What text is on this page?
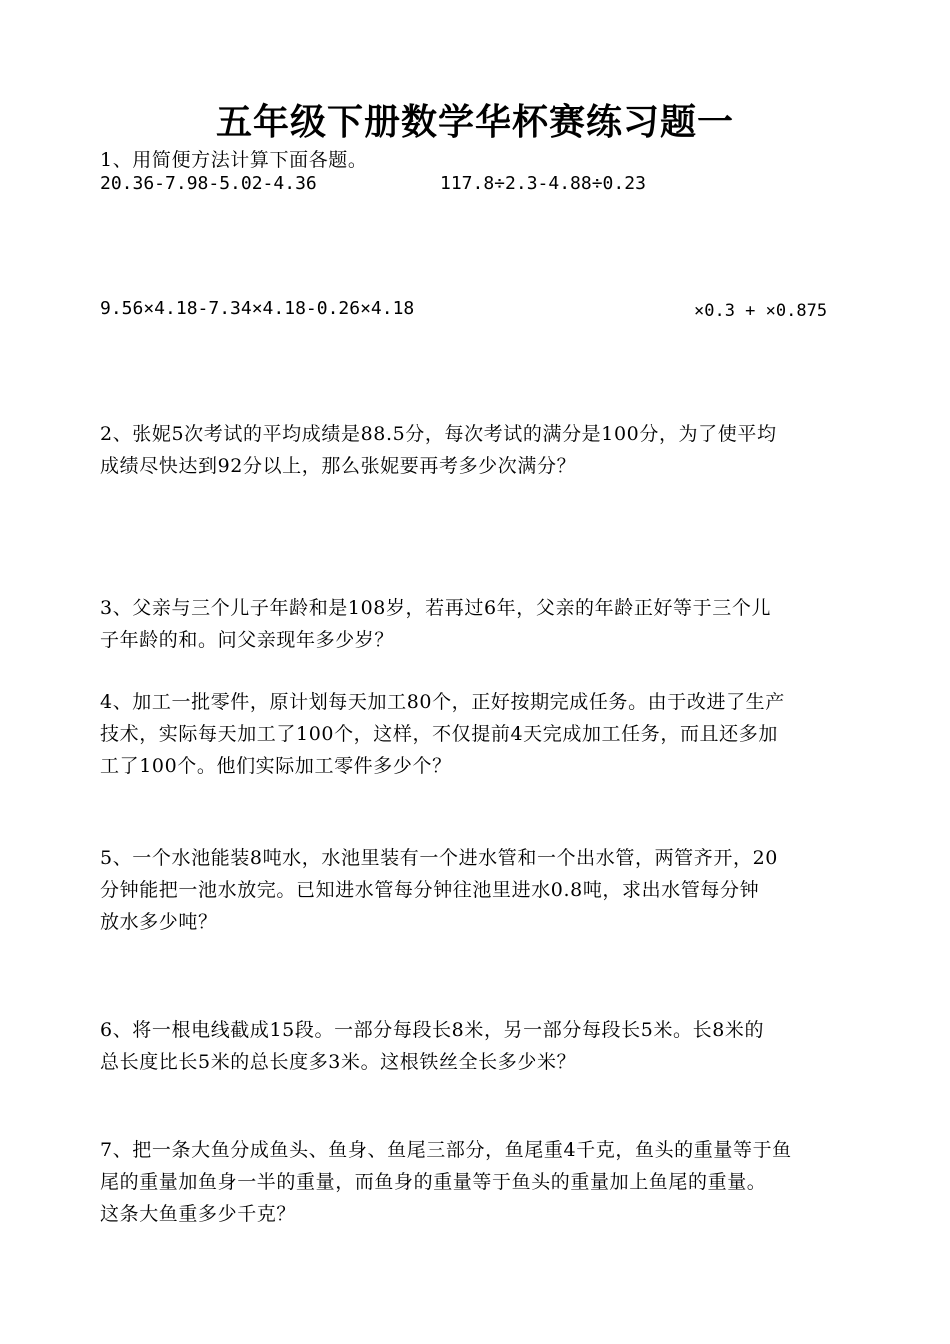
五年级下册数学华杯赛练习题一
1、用简便方法计算下面各题。
20.36-7.98-5.02-4.36	117.8÷2.3-4.88÷0.23
9.56×4.18-7.34×4.18-0.26×4.18	×0.3 + ×0.875
2、张妮5次考试的平均成绩是88.5分，每次考试的满分是100分，为了使平均
成绩尽快达到92分以上，那么张妮要再考多少次满分？
3、父亲与三个儿子年龄和是108岁，若再过6年，父亲的年龄正好等于三个儿
子年龄的和。问父亲现年多少岁？
4、加工一批零件，原计划每天加工80个，正好按期完成任务。由于改进了生产
技术，实际每天加工了100个，这样，不仅提前4天完成加工任务，而且还多加
工了100个。他们实际加工零件多少个？
5、一个水池能装8吨水，水池里装有一个进水管和一个出水管，两管齐开，20
分钟能把一池水放完。已知进水管每分钟往池里进水0.8吨，求出水管每分钟
放水多少吨？
6、将一根电线截成15段。一部分每段长8米，另一部分每段长5米。长8米的
总长度比长5米的总长度多3米。这根铁丝全长多少米？
7、把一条大鱼分成鱼头、鱼身、鱼尾三部分，鱼尾重4千克，鱼头的重量等于鱼
尾的重量加鱼身一半的重量，而鱼身的重量等于鱼头的重量加上鱼尾的重量。
这条大鱼重多少千克？
